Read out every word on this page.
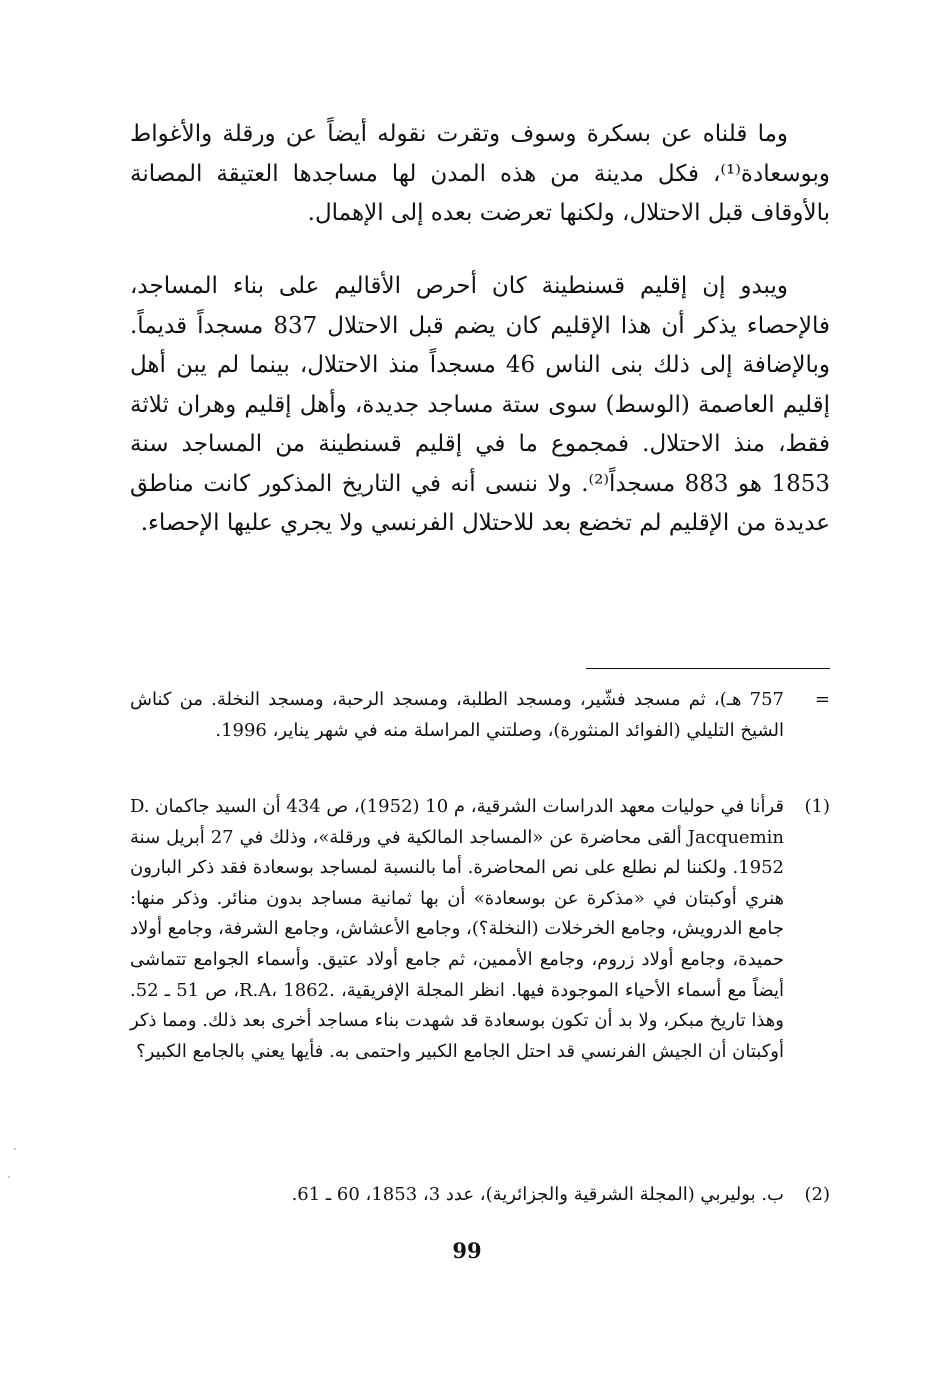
وما قلناه عن بسكرة وسوف وتقرت نقوله أيضاً عن ورقلة والأغواط وبوسعادة⁽¹⁾، فكل مدينة من هذه المدن لها مساجدها العتيقة المصانة بالأوقاف قبل الاحتلال، ولكنها تعرضت بعده إلى الإهمال.

ويبدو إن إقليم قسنطينة كان أحرص الأقاليم على بناء المساجد، فالإحصاء يذكر أن هذا الإقليم كان يضم قبل الاحتلال 837 مسجداً قديماً. وبالإضافة إلى ذلك بنى الناس 46 مسجداً منذ الاحتلال، بينما لم يبن أهل إقليم العاصمة (الوسط) سوى ستة مساجد جديدة، وأهل إقليم وهران ثلاثة فقط، منذ الاحتلال. فمجموع ما في إقليم قسنطينة من المساجد سنة 1853 هو 883 مسجداً⁽²⁾. ولا ننسى أنه في التاريخ المذكور كانت مناطق عديدة من الإقليم لم تخضع بعد للاحتلال الفرنسي ولا يجري عليها الإحصاء.

=
757 هـ)، ثم مسجد فشّير، ومسجد الطلبة، ومسجد الرحبة، ومسجد النخلة. من كناش الشيخ التليلي (الفوائد المنثورة)، وصلتني المراسلة منه في شهر يناير، 1996.
(1)
قرأنا في حوليات معهد الدراسات الشرقية، م 10 (1952)، ص 434 أن السيد جاكمان D. Jacquemin ألقى محاضرة عن «المساجد المالكية في ورقلة»، وذلك في 27 أبريل سنة 1952. ولكننا لم نطلع على نص المحاضرة. أما بالنسبة لمساجد بوسعادة فقد ذكر البارون هنري أوكبتان في «مذكرة عن بوسعادة» أن بها ثمانية مساجد بدون منائر. وذكر منها: جامع الدرويش، وجامع الخرخلات (النخلة؟)، وجامع الأعشاش، وجامع الشرفة، وجامع أولاد حميدة، وجامع أولاد زروم، وجامع الأممين، ثم جامع أولاد عتيق. وأسماء الجوامع تتماشى أيضاً مع أسماء الأحياء الموجودة فيها. انظر المجلة الإفريقية، .R.A، 1862، ص 51 ـ 52. وهذا تاريخ مبكر، ولا بد أن تكون بوسعادة قد شهدت بناء مساجد أخرى بعد ذلك. ومما ذكر أوكبتان أن الجيش الفرنسي قد احتل الجامع الكبير واحتمى به. فأيها يعني بالجامع الكبير؟
(2)
ب. بوليربي (المجلة الشرقية والجزائرية)، عدد 3، 1853، 60 ـ 61.
99
